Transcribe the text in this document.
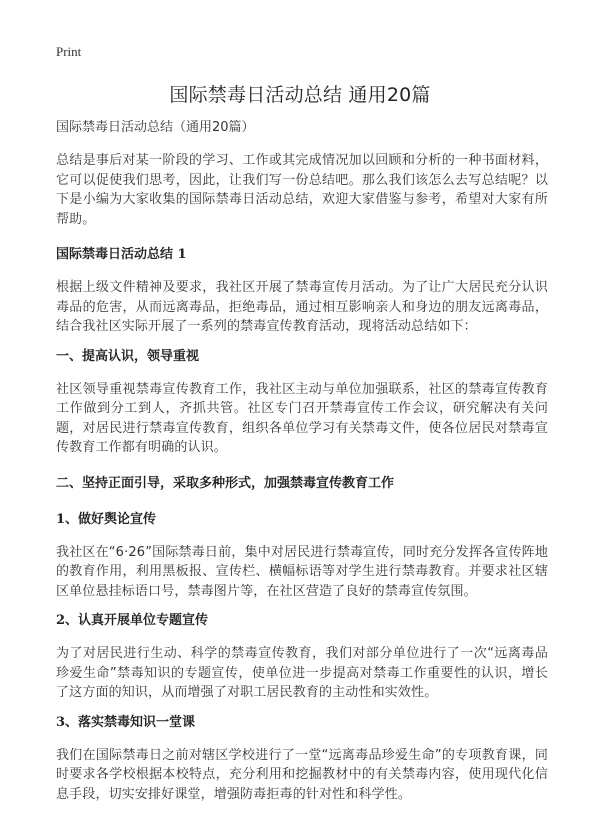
Print
国际禁毒日活动总结 通用20篇

国际禁毒日活动总结（通用20篇）

总结是事后对某一阶段的学习、工作或其完成情况加以回顾和分析的一种书面材料，它可以促使我们思考，因此，让我们写一份总结吧。那么我们该怎么去写总结呢？以下是小编为大家收集的国际禁毒日活动总结，欢迎大家借鉴与参考，希望对大家有所帮助。

国际禁毒日活动总结 1

根据上级文件精神及要求，我社区开展了禁毒宣传月活动。为了让广大居民充分认识毒品的危害，从而远离毒品，拒绝毒品，通过相互影响亲人和身边的朋友远离毒品，结合我社区实际开展了一系列的禁毒宣传教育活动，现将活动总结如下：

一、提高认识，领导重视

社区领导重视禁毒宣传教育工作，我社区主动与单位加强联系，社区的禁毒宣传教育工作做到分工到人，齐抓共管。社区专门召开禁毒宣传工作会议，研究解决有关问题，对居民进行禁毒宣传教育，组织各单位学习有关禁毒文件，使各位居民对禁毒宣传教育工作都有明确的认识。

二、坚持正面引导，采取多种形式，加强禁毒宣传教育工作
1、做好舆论宣传

我社区在“6·26”国际禁毒日前，集中对居民进行禁毒宣传，同时充分发挥各宣传阵地的教育作用，利用黑板报、宣传栏、横幅标语等对学生进行禁毒教育。并要求社区辖区单位悬挂标语口号，禁毒图片等，在社区营造了良好的禁毒宣传氛围。

2、认真开展单位专题宣传

为了对居民进行生动、科学的禁毒宣传教育，我们对部分单位进行了一次“远离毒品珍爱生命”禁毒知识的专题宣传，使单位进一步提高对禁毒工作重要性的认识，增长了这方面的知识，从而增强了对职工居民教育的主动性和实效性。

3、落实禁毒知识一堂课

我们在国际禁毒日之前对辖区学校进行了一堂“远离毒品珍爱生命”的专项教育课，同时要求各学校根据本校特点，充分利用和挖掘教材中的有关禁毒内容，使用现代化信息手段，切实安排好课堂，增强防毒拒毒的针对性和科学性。
